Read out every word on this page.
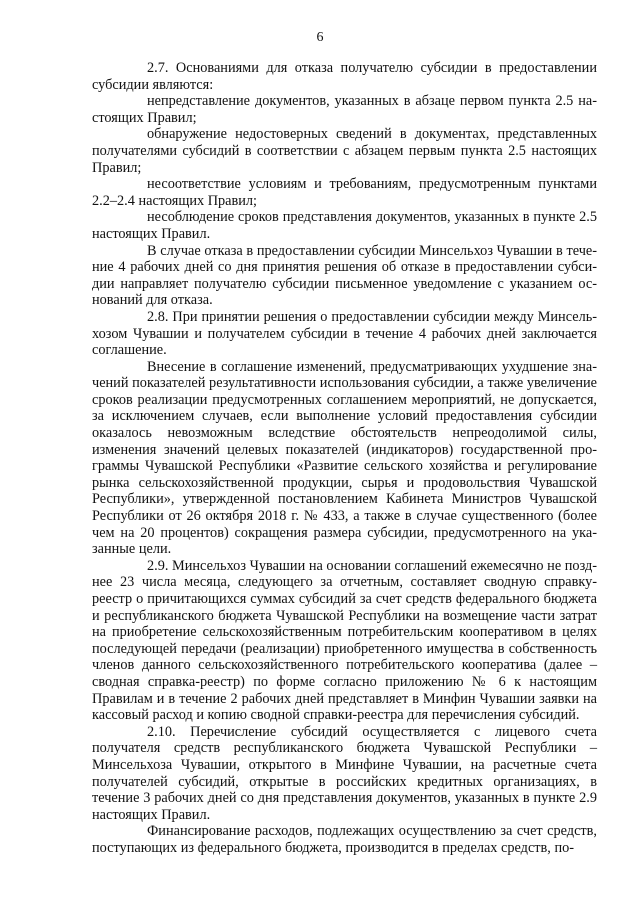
6

2.7. Основаниями для отказа получателю субсидии в предоставлении субсидии являются:

непредставление документов, указанных в абзаце первом пункта 2.5 настоящих Правил;

обнаружение недостоверных сведений в документах, представленных получателями субсидий в соответствии с абзацем первым пункта 2.5 настоящих Правил;

несоответствие условиям и требованиям, предусмотренным пунктами 2.2–2.4 настоящих Правил;

несоблюдение сроков представления документов, указанных в пункте 2.5 настоящих Правил.

В случае отказа в предоставлении субсидии Минсельхоз Чувашии в течение 4 рабочих дней со дня принятия решения об отказе в предоставлении субсидии направляет получателю субсидии письменное уведомление с указанием оснований для отказа.

2.8. При принятии решения о предоставлении субсидии между Минсельхозом Чувашии и получателем субсидии в течение 4 рабочих дней заключается соглашение.

Внесение в соглашение изменений, предусматривающих ухудшение значений показателей результативности использования субсидии, а также увеличение сроков реализации предусмотренных соглашением мероприятий, не допускается, за исключением случаев, если выполнение условий предоставления субсидии оказалось невозможным вследствие обстоятельств непреодолимой силы, изменения значений целевых показателей (индикаторов) государственной программы Чувашской Республики «Развитие сельского хозяйства и регулирование рынка сельскохозяйственной продукции, сырья и продовольствия Чувашской Республики», утвержденной постановлением Кабинета Министров Чувашской Республики от 26 октября 2018 г. № 433, а также в случае существенного (более чем на 20 процентов) сокращения размера субсидии, предусмотренного на указанные цели.

2.9. Минсельхоз Чувашии на основании соглашений ежемесячно не позднее 23 числа месяца, следующего за отчетным, составляет сводную справку-реестр о причитающихся суммах субсидий за счет средств федерального бюджета и республиканского бюджета Чувашской Республики на возмещение части затрат на приобретение сельскохозяйственным потребительским кооперативом в целях последующей передачи (реализации) приобретенного имущества в собственность членов данного сельскохозяйственного потребительского кооператива (далее – сводная справка-реестр) по форме согласно приложению № 6 к настоящим Правилам и в течение 2 рабочих дней представляет в Минфин Чувашии заявки на кассовый расход и копию сводной справки-реестра для перечисления субсидий.

2.10. Перечисление субсидий осуществляется с лицевого счета получателя средств республиканского бюджета Чувашской Республики – Минсельхоза Чувашии, открытого в Минфине Чувашии, на расчетные счета получателей субсидий, открытые в российских кредитных организациях, в течение 3 рабочих дней со дня представления документов, указанных в пункте 2.9 настоящих Правил.

Финансирование расходов, подлежащих осуществлению за счет средств, поступающих из федерального бюджета, производится в пределах средств, по-
